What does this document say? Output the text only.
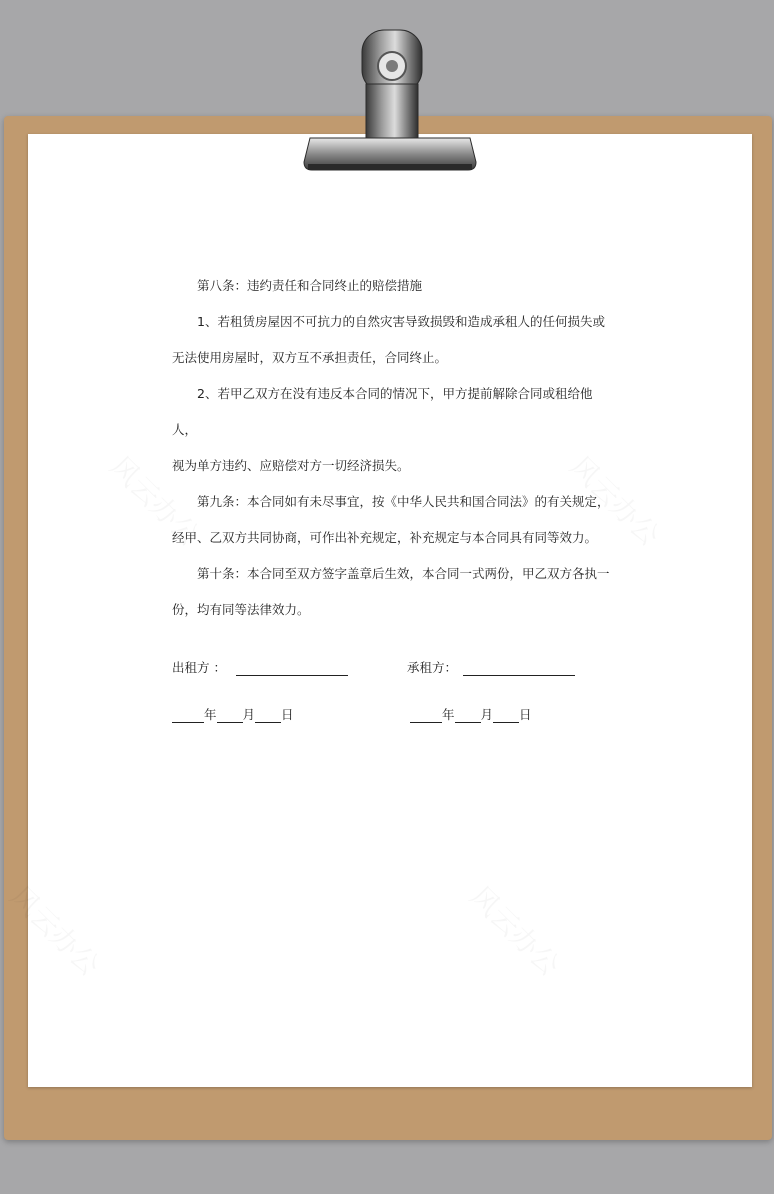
第八条：违约责任和合同终止的赔偿措施

1、若租赁房屋因不可抗力的自然灾害导致损毁和造成承租人的任何损失或

无法使用房屋时，双方互不承担责任，合同终止。

2、若甲乙双方在没有违反本合同的情况下，甲方提前解除合同或租给他人，

视为单方违约、应赔偿对方一切经济损失。

第九条：本合同如有未尽事宜，按《中华人民共和国合同法》的有关规定，

经甲、乙双方共同协商，可作出补充规定，补充规定与本合同具有同等效力。

第十条：本合同至双方签字盖章后生效，本合同一式两份，甲乙双方各执一

份，均有同等法律效力。

出租方 ：	承租方：
年 月 日	年 月 日
